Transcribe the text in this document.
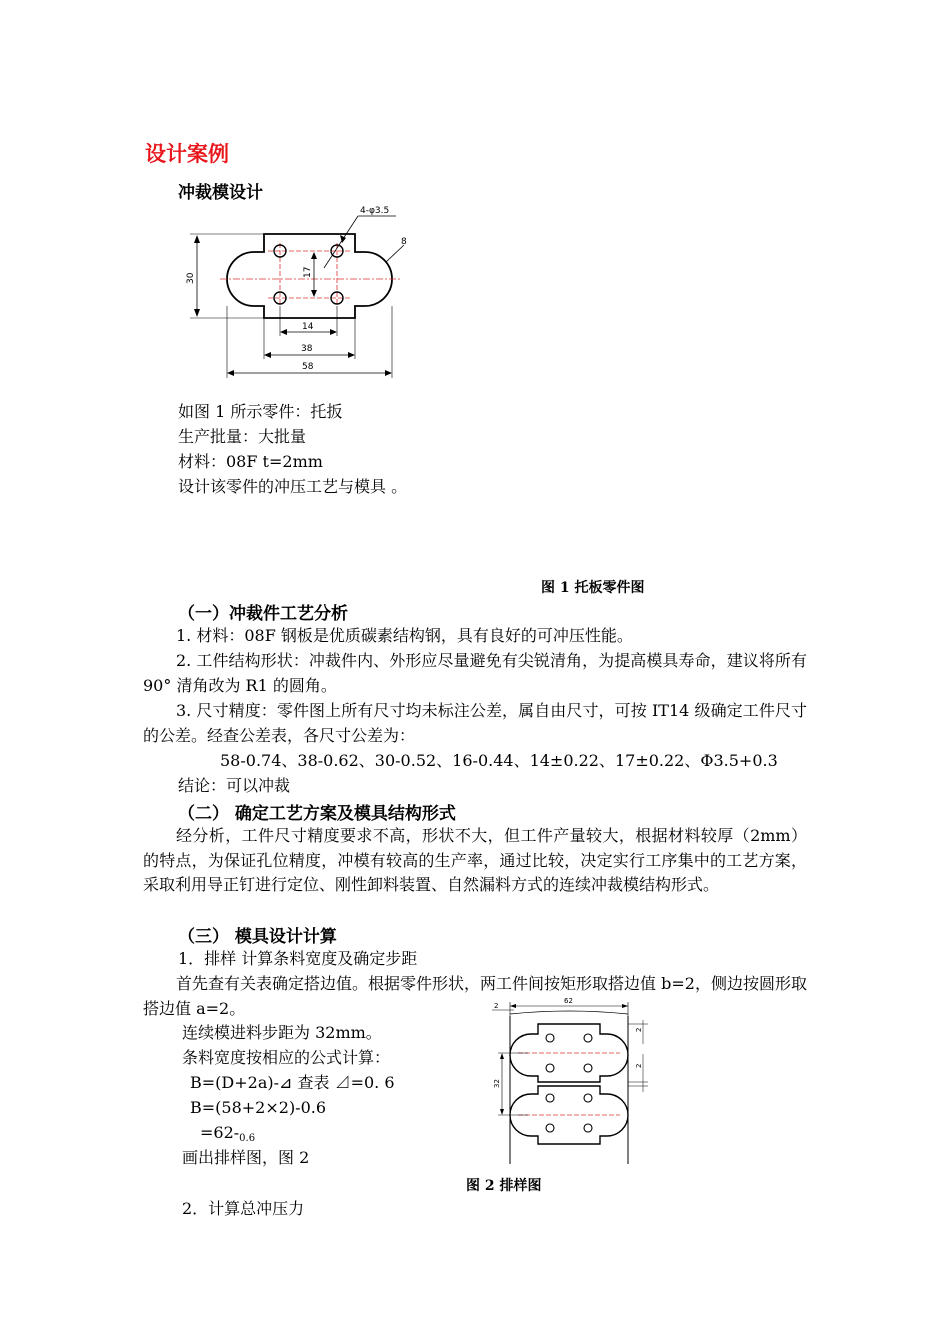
设计案例
冲裁模设计
30
17
4-φ3.5
8
14
38
58
如图 1 所示零件：托扳
生产批量：大批量
材料：08F t=2mm
设计该零件的冲压工艺与模具 。
图 1 托板零件图
（一）冲裁件工艺分析
1. 材料：08F 钢板是优质碳素结构钢，具有良好的可冲压性能。
2. 工件结构形状：冲裁件内、外形应尽量避免有尖锐清角，为提高模具寿命，建议将所有 90° 清角改为 R1 的圆角。
3. 尺寸精度：零件图上所有尺寸均未标注公差，属自由尺寸，可按 IT14 级确定工件尺寸的公差。经查公差表，各尺寸公差为：
58-0.74、38-0.62、30-0.52、16-0.44、14±0.22、17±0.22、Φ3.5+0.3
结论：可以冲裁
（二） 确定工艺方案及模具结构形式
经分析，工件尺寸精度要求不高，形状不大，但工件产量较大，根据材料较厚（2mm）的特点，为保证孔位精度，冲模有较高的生产率，通过比较，决定实行工序集中的工艺方案，采取利用导正钉进行定位、刚性卸料装置、自然漏料方式的连续冲裁模结构形式。
（三） 模具设计计算
1．排样 计算条料宽度及确定步距
首先查有关表确定搭边值。根据零件形状，两工件间按矩形取搭边值 b=2，侧边按圆形取搭边值 a=2。
连续模进料步距为 32mm。
条料宽度按相应的公式计算：
B=(D+2a)-⊿ 查表 ⊿=0. 6
B=(58+2×2)-0.6
$=62-_{0.6}$
画出排样图，图 2
62
2
32
2
2
图 2 排样图
2．计算总冲压力
